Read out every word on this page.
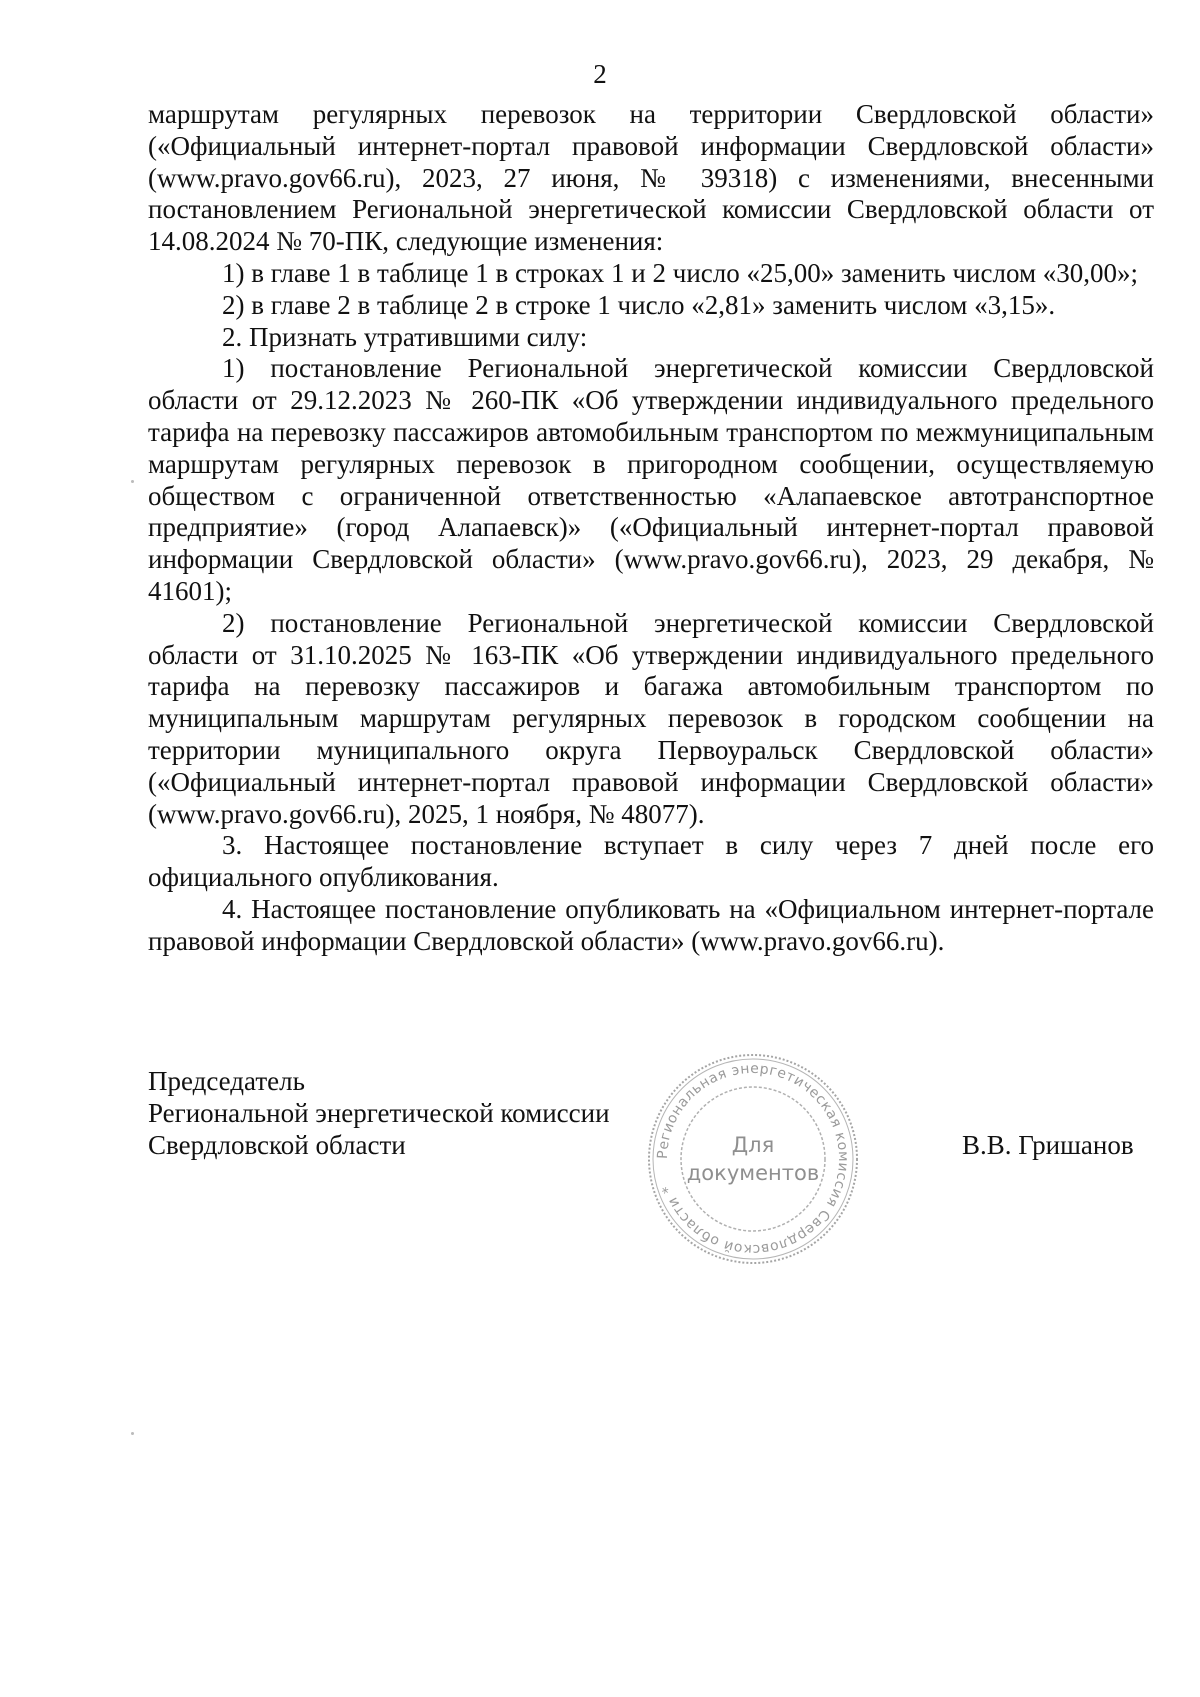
2

маршрутам регулярных перевозок на территории Свердловской области» («Официальный интернет-портал правовой информации Свердловской области» (www.pravo.gov66.ru), 2023, 27 июня, № 39318) с изменениями, внесенными постановлением Региональной энергетической комиссии Свердловской области от 14.08.2024 № 70-ПК, следующие изменения:

1) в главе 1 в таблице 1 в строках 1 и 2 число «25,00» заменить числом «30,00»;

2) в главе 2 в таблице 2 в строке 1 число «2,81» заменить числом «3,15».

2. Признать утратившими силу:

1) постановление Региональной энергетической комиссии Свердловской области от 29.12.2023 № 260-ПК «Об утверждении индивидуального предельного тарифа на перевозку пассажиров автомобильным транспортом по межмуниципальным маршрутам регулярных перевозок в пригородном сообщении, осуществляемую обществом с ограниченной ответственностью «Алапаевское автотранспортное предприятие» (город Алапаевск)» («Официальный интернет-портал правовой информации Свердловской области» (www.pravo.gov66.ru), 2023, 29 декабря, № 41601);

2) постановление Региональной энергетической комиссии Свердловской области от 31.10.2025 № 163-ПК «Об утверждении индивидуального предельного тарифа на перевозку пассажиров и багажа автомобильным транспортом по муниципальным маршрутам регулярных перевозок в городском сообщении на территории муниципального округа Первоуральск Свердловской области» («Официальный интернет-портал правовой информации Свердловской области» (www.pravo.gov66.ru), 2025, 1 ноября, № 48077).

3. Настоящее постановление вступает в силу через 7 дней после его официального опубликования.

4. Настоящее постановление опубликовать на «Официальном интернет-портале правовой информации Свердловской области» (www.pravo.gov66.ru).

Председатель
Региональной энергетической комиссии
Свердловской области	В.В. Гришанов
Региональная энергетическая комиссия Свердловской области *
Для
документов
